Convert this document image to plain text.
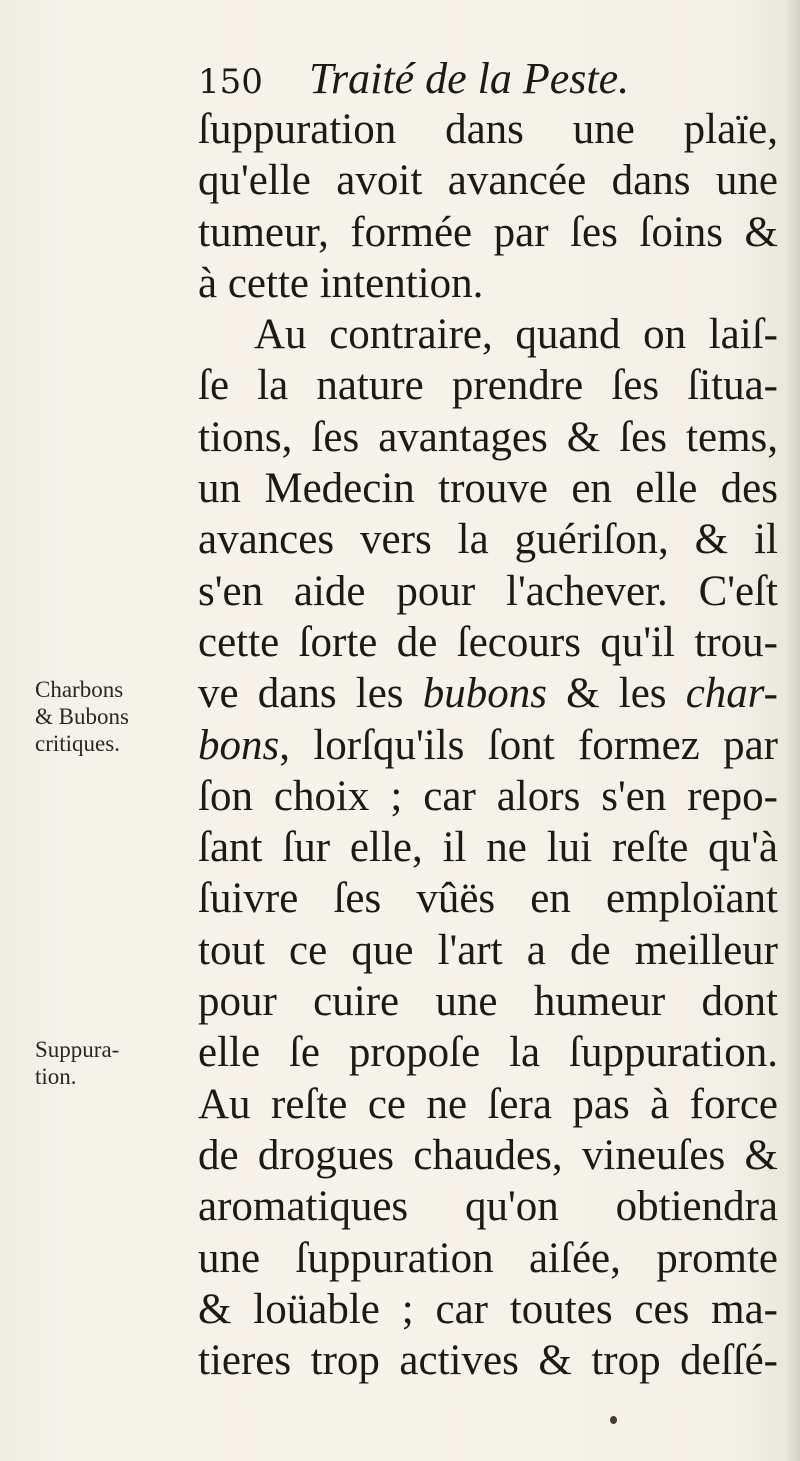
150 Traité de la Peste.
ſuppuration dans une plaïe,
qu'elle avoit avancée dans une
tumeur, formée par ſes ſoins &
à cette intention.
Au contraire, quand on laiſ-
ſe la nature prendre ſes ſitua-
tions, ſes avantages & ſes tems,
un Medecin trouve en elle des
avances vers la guériſon, & il
s'en aide pour l'achever. C'eſt
cette ſorte de ſecours qu'il trou-
ve dans les bubons & les char-
bons, lorſqu'ils ſont formez par
ſon choix ; car alors s'en repo-
ſant ſur elle, il ne lui reſte qu'à
ſuivre ſes vûës en emploïant
tout ce que l'art a de meilleur
pour cuire une humeur dont
elle ſe propoſe la ſuppuration.
Au reſte ce ne ſera pas à force
de drogues chaudes, vineuſes &
aromatiques qu'on obtiendra
une ſuppuration aiſée, promte
& loüable ; car toutes ces ma-
tieres trop actives & trop deſſé-
Charbons
& Bubons
critiques.
Suppura-
tion.
